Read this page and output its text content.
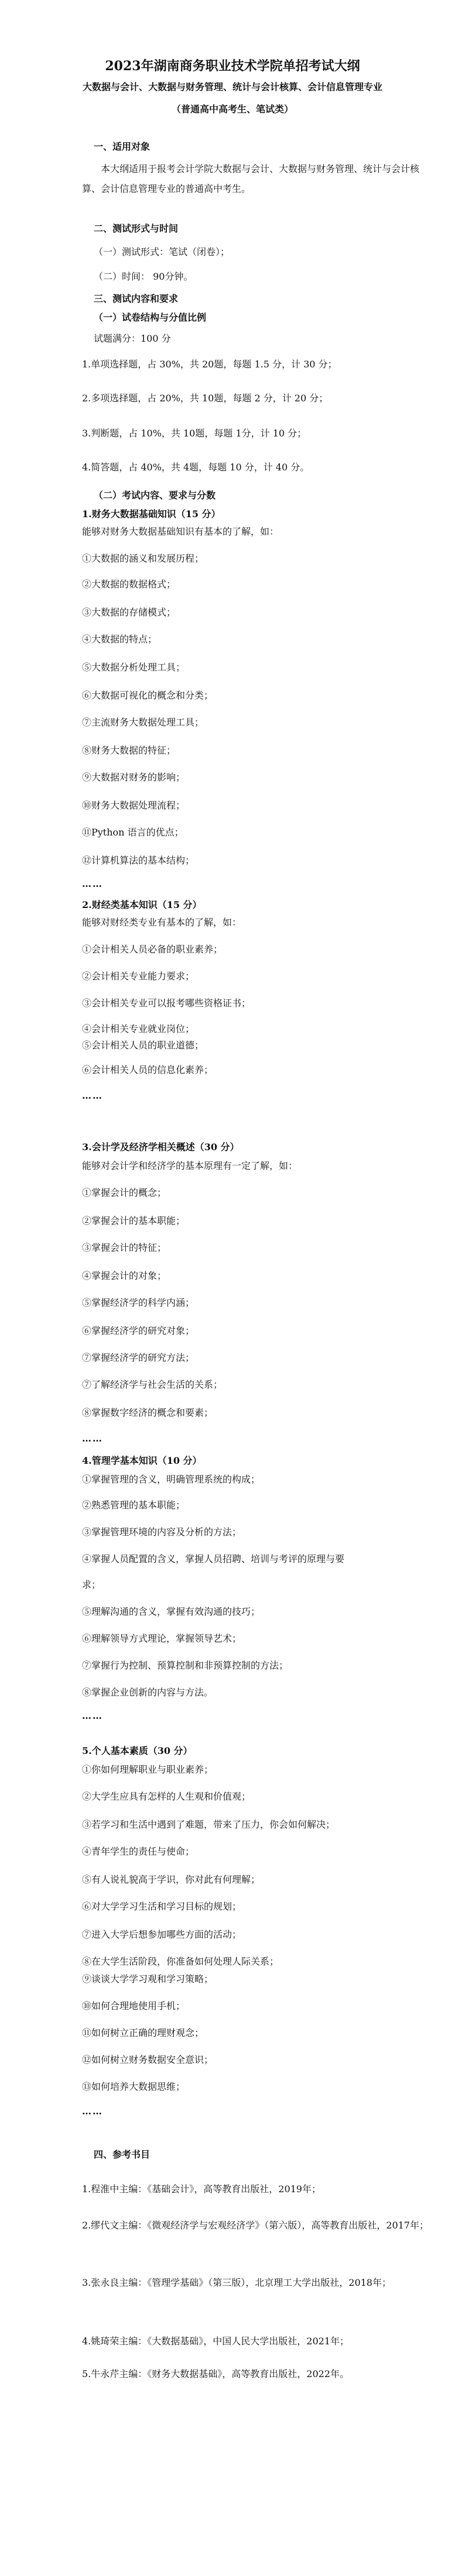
2023年湖南商务职业技术学院单招考试大纲
大数据与会计、大数据与财务管理、统计与会计核算、会计信息管理专业
（普通高中高考生、笔试类）
一、适用对象
本大纲适用于报考会计学院大数据与会计、大数据与财务管理、统计与会计核算、会计信息管理专业的普通高中考生。
二、测试形式与时间
（一）测试形式：笔试（闭卷）；
（二）时间： 90分钟。
三、测试内容和要求
（一）试卷结构与分值比例
试题满分：100 分
1.单项选择题，占 30%，共 20题，每题 1.5 分，计 30 分；
2.多项选择题，占 20%，共 10题，每题 2 分，计 20 分；
3.判断题，占 10%，共 10题，每题 1分，计 10 分；
4.简答题，占 40%，共 4题，每题 10 分，计 40 分。
（二）考试内容、要求与分数
1.财务大数据基础知识（15 分）
能够对财务大数据基础知识有基本的了解，如：
①大数据的涵义和发展历程；
②大数据的数据格式；
③大数据的存储模式；
④大数据的特点；
⑤大数据分析处理工具；
⑥大数据可视化的概念和分类；
⑦主流财务大数据处理工具；
⑧财务大数据的特征；
⑨大数据对财务的影响；
⑩财务大数据处理流程；
⑪Python 语言的优点；
⑫计算机算法的基本结构；
……
2.财经类基本知识（15 分）
能够对财经类专业有基本的了解，如：
①会计相关人员必备的职业素养；
②会计相关专业能力要求；
③会计相关专业可以报考哪些资格证书；
④会计相关专业就业岗位；
⑤会计相关人员的职业道德；
⑥会计相关人员的信息化素养；
……
3.会计学及经济学相关概述（30 分）
能够对会计学和经济学的基本原理有一定了解，如：
①掌握会计的概念；
②掌握会计的基本职能；
③掌握会计的特征；
④掌握会计的对象；
⑤掌握经济学的科学内涵；
⑥掌握经济学的研究对象；
⑦掌握经济学的研究方法；
⑦了解经济学与社会生活的关系；
⑧掌握数字经济的概念和要素；
……
4.管理学基本知识（10 分）
①掌握管理的含义，明确管理系统的构成；
②熟悉管理的基本职能；
③掌握管理环境的内容及分析的方法；
④掌握人员配置的含义，掌握人员招聘、培训与考评的原理与要
求；
⑤理解沟通的含义，掌握有效沟通的技巧；
⑥理解领导方式理论，掌握领导艺术；
⑦掌握行为控制、预算控制和非预算控制的方法；
⑧掌握企业创新的内容与方法。
……
5.个人基本素质（30 分）
①你如何理解职业与职业素养；
②大学生应具有怎样的人生观和价值观；
③若学习和生活中遇到了难题，带来了压力，你会如何解决；
④青年学生的责任与使命；
⑤有人说礼貌高于学识，你对此有何理解；
⑥对大学学习生活和学习目标的规划；
⑦进入大学后想参加哪些方面的活动；
⑧在大学生活阶段，你准备如何处理人际关系；
⑨谈谈大学学习观和学习策略；
⑩如何合理地使用手机；
⑪如何树立正确的理财观念；
⑫如何树立财务数据安全意识；
⑬如何培养大数据思维；
……
四、参考书目
1.程淮中主编：《基础会计》，高等教育出版社，2019年；
2.缪代文主编：《微观经济学与宏观经济学》（第六版），高等教育出版社，2017年；
3.张永良主编：《管理学基础》（第三版），北京理工大学出版社，2018年；
4.姚琦荣主编：《大数据基础》，中国人民大学出版社，2021年；
5.牛永芹主编：《财务大数据基础》，高等教育出版社，2022年。
